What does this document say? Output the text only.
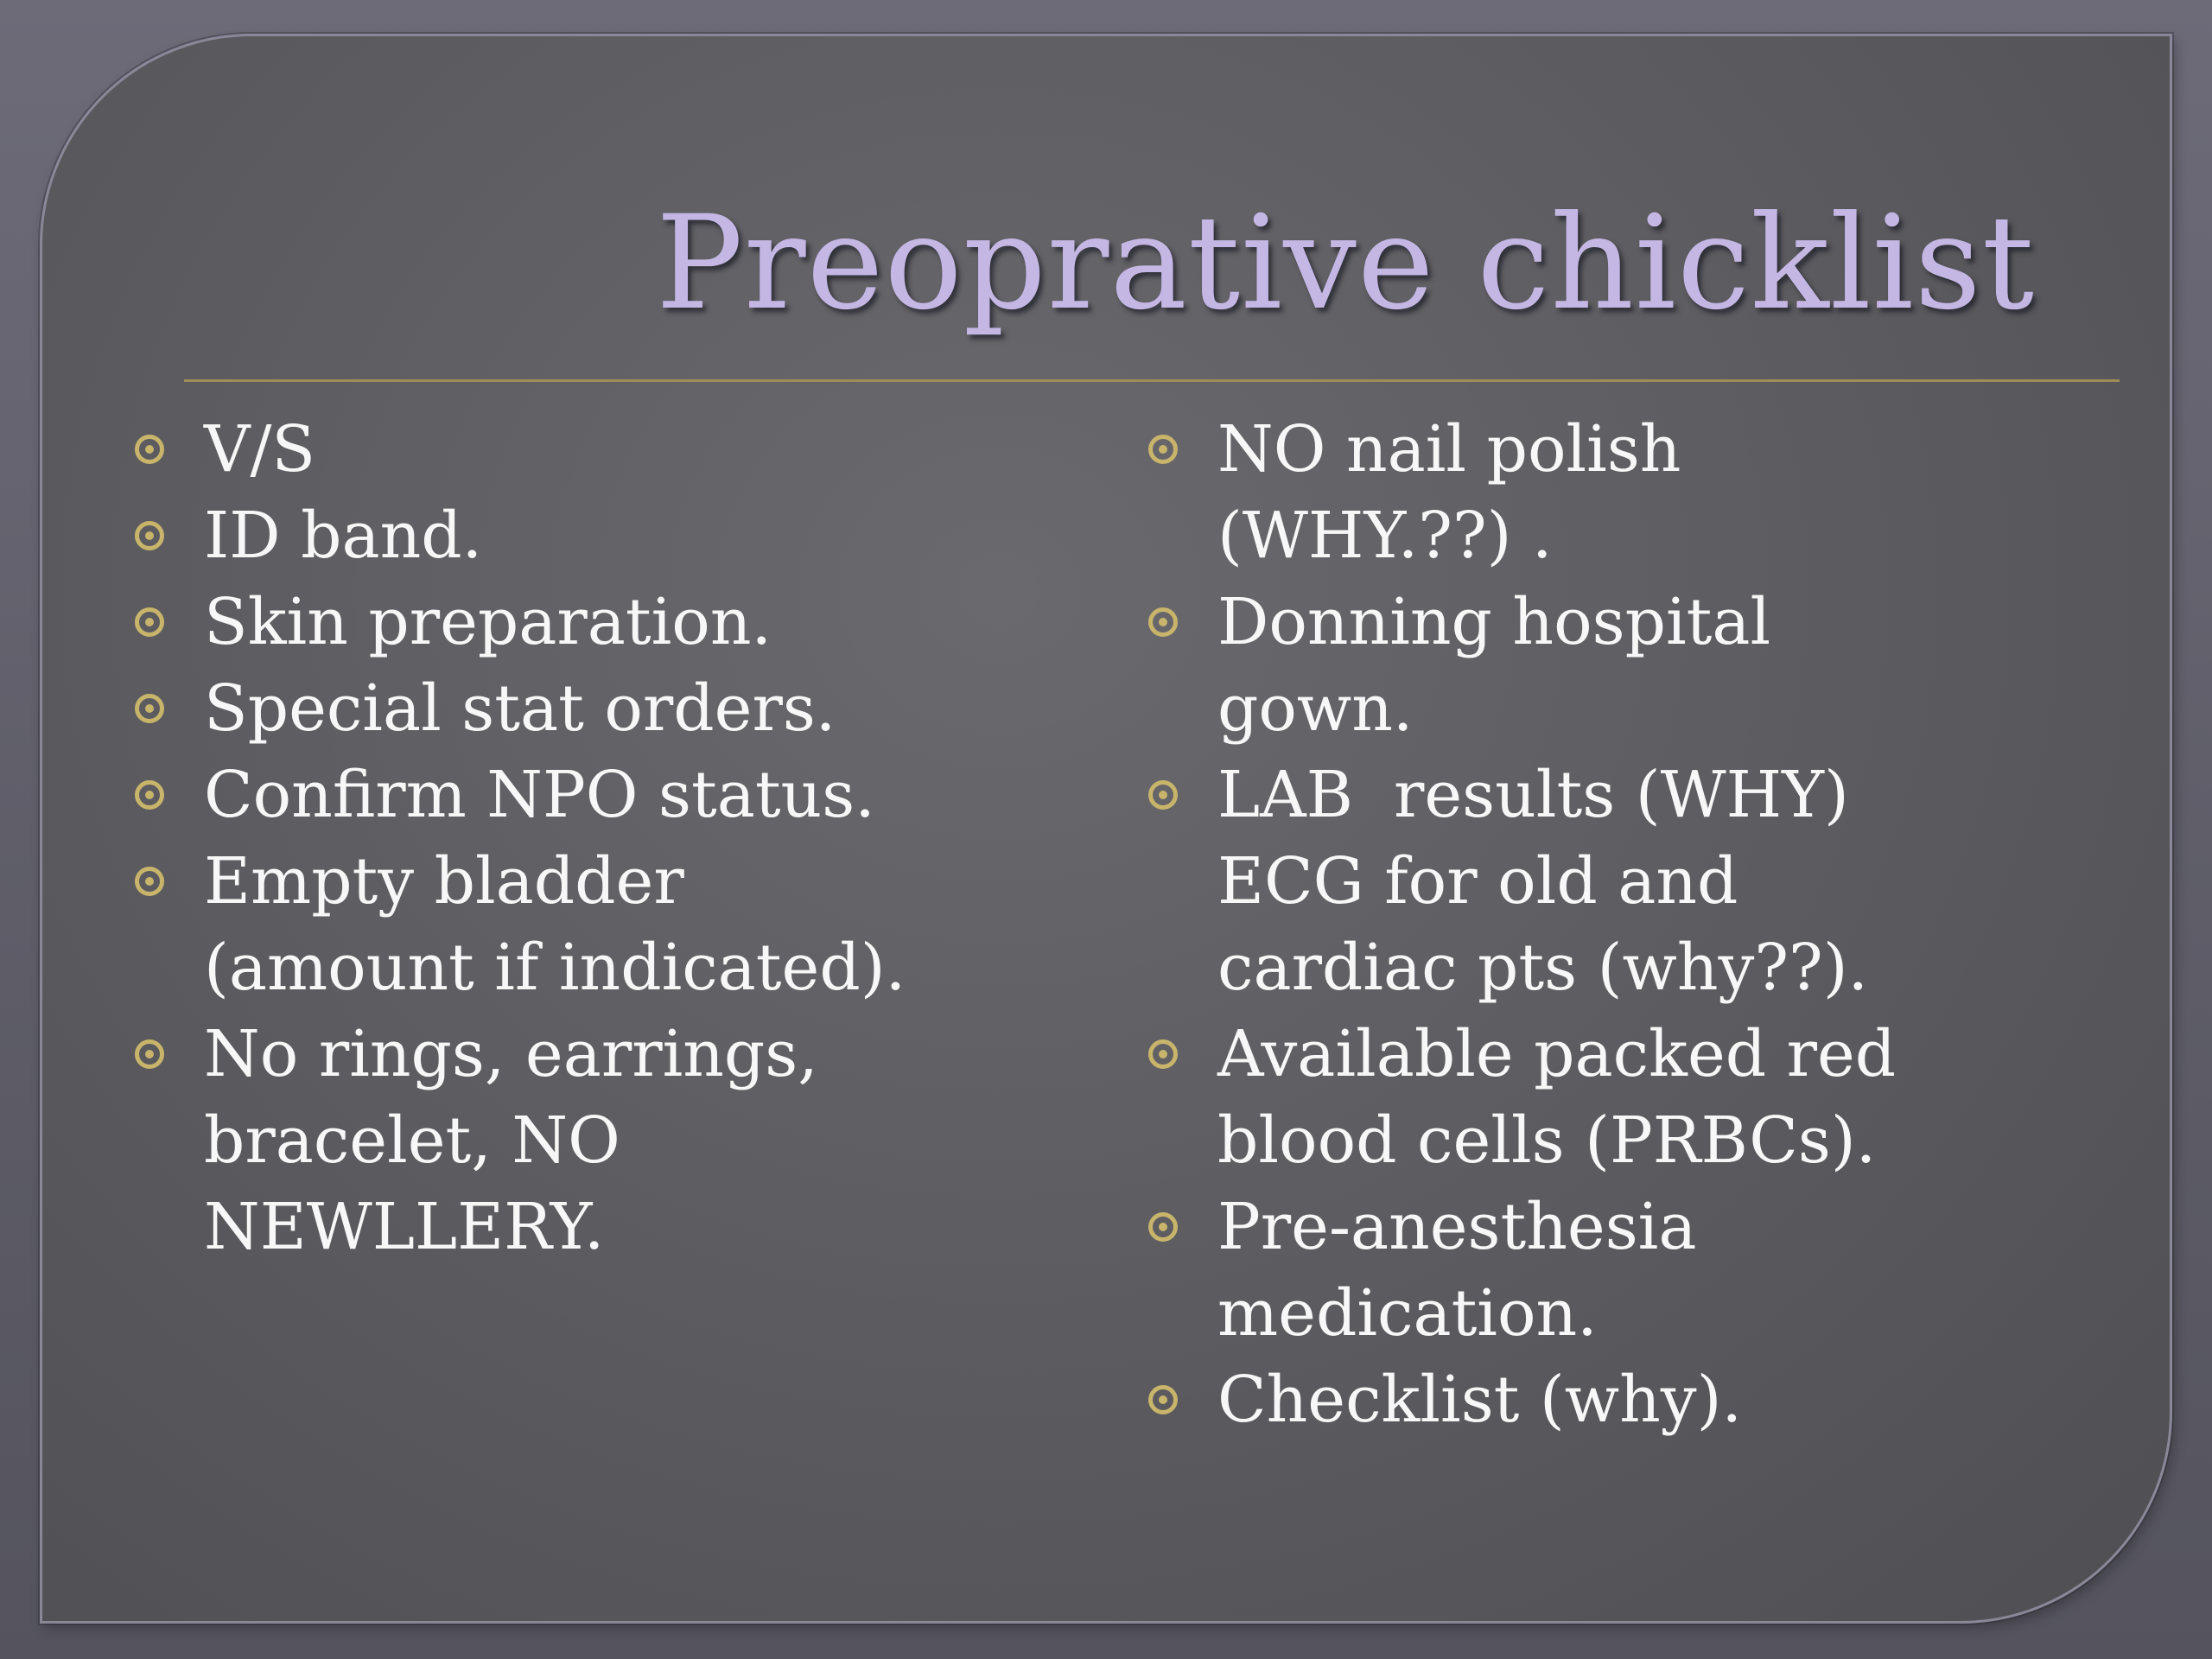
Preoprative chicklist
V/S
ID band.
Skin preparation.
Special stat orders.
Confirm NPO status.
Empty bladder
(amount if indicated).
No rings, earrings,
bracelet, NO
NEWLLERY.
NO nail polish
(WHY.??) .
Donning hospital
gown.
LAB  results (WHY)
ECG for old and
cardiac pts (why??).
Available packed red
blood cells (PRBCs).
Pre-anesthesia
medication.
Checklist (why).
